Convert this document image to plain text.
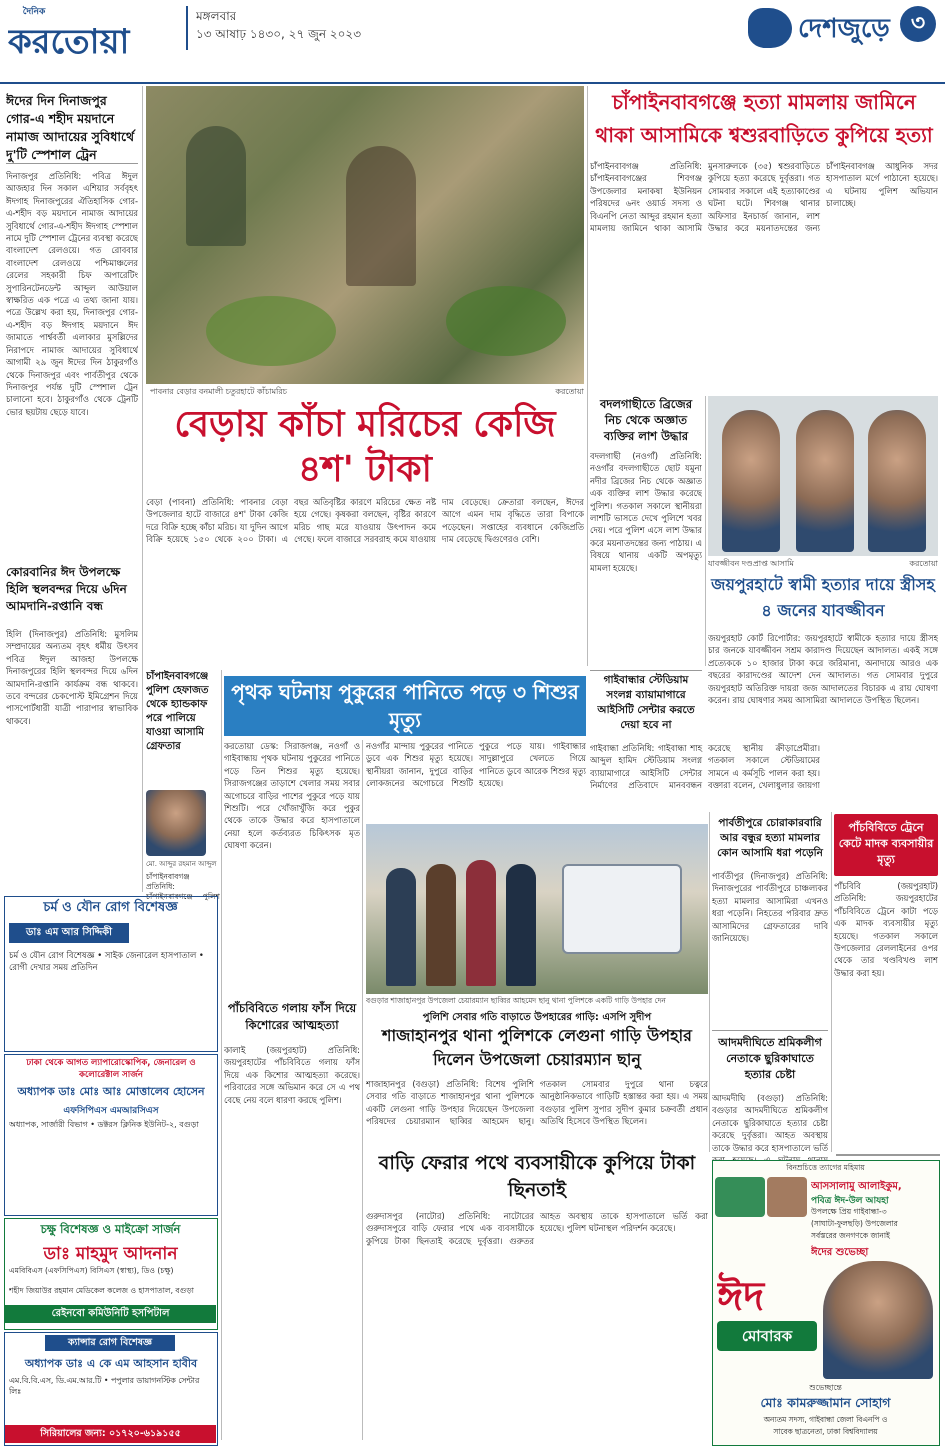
দৈনিক
করতোয়া
মঙ্গলবার
১৩ আষাঢ় ১৪৩০, ২৭ জুন ২০২৩	দেশজুড়ে ৩
ঈদের দিন দিনাজপুর গোর-এ শহীদ ময়দানে নামাজ আদায়ের সুবিধার্থে দু'টি স্পেশাল ট্রেন
দিনাজপুর প্রতিনিধি: পবিত্র ঈদুল আজহার দিন সকাল এশিয়ার সর্ববৃহৎ ঈদগাহ দিনাজপুরের ঐতিহাসিক গোর-এ-শহীদ বড় ময়দানে নামাজ আদায়ের সুবিধার্থে গোর-এ-শহীদ ঈদগাহ স্পেশাল নামে দুটি স্পেশাল ট্রেনের ব্যবস্থা করেছে বাংলাদেশ রেলওয়ে। গত রোববার বাংলাদেশ রেলওয়ে পশ্চিমাঞ্চলের রেলের সহকারী চিফ অপারেটিং সুপারিনটেনডেন্ট আব্দুল আউয়াল স্বাক্ষরিত এক পত্রে এ তথ্য জানা যায়। পত্রে উল্লেখ করা হয়, দিনাজপুর গোর-এ-শহীদ বড় ঈদগাহ ময়দানে ঈদ জামাতে পার্শ্ববর্তী এলাকার মুসল্লিদের নিরাপদে নামাজ আদায়ের সুবিধার্থে আগামী ২৯ জুন ঈদের দিন ঠাকুরগাঁও থেকে দিনাজপুর এবং পার্বতীপুর থেকে দিনাজপুর পর্যন্ত দুটি স্পেশাল ট্রেন চালানো হবে। ঠাকুরগাঁও থেকে ট্রেনটি ভোর ছয়টায় ছেড়ে যাবে।
কোরবানির ঈদ উপলক্ষে হিলি স্থলবন্দর দিয়ে ৬দিন আমদানি-রপ্তানি বন্ধ
হিলি (দিনাজপুর) প্রতিনিধি: মুসলিম সম্প্রদায়ের অন্যতম বৃহৎ ধর্মীয় উৎসব পবিত্র ঈদুল আজহা উপলক্ষে দিনাজপুরের হিলি স্থলবন্দর দিয়ে ৬দিন আমদানি-রপ্তানি কার্যক্রম বন্ধ থাকবে। তবে বন্দরের চেকপোস্ট ইমিগ্রেশন দিয়ে পাসপোর্টধারী যাত্রী পারাপার স্বাভাবিক থাকবে।
পাবনার বেড়ার বনমালী চতুরহাটে কাঁচামরিচ	করতোয়া
চাঁপাইনবাবগঞ্জে হত্যা মামলায় জামিনে থাকা আসামিকে শ্বশুরবাড়িতে কুপিয়ে হত্যা
চাঁপাইনবাবগঞ্জ প্রতিনিধি: চাঁপাইনবাবগঞ্জের শিবগঞ্জ উপজেলার মনাকষা ইউনিয়ন পরিষদের ৬নং ওয়ার্ড সদস্য ও বিএনপি নেতা আব্দুর রহমান হত্যা মামলায় জামিনে থাকা আসামি মুনসারুলকে (৩৫) শ্বশুরবাড়িতে কুপিয়ে হত্যা করেছে দুর্বৃত্তরা। গত সোমবার সকালে এই হত্যাকাণ্ডের ঘটনা ঘটে। শিবগঞ্জ থানার অফিসার ইনচার্জ জানান, লাশ উদ্ধার করে ময়নাতদন্তের জন্য চাঁপাইনবাবগঞ্জ আধুনিক সদর হাসপাতাল মর্গে পাঠানো হয়েছে। এ ঘটনায় পুলিশ অভিযান চালাচ্ছে।
বেড়ায় কাঁচা মরিচের কেজি ৪শ' টাকা
বেড়া (পাবনা) প্রতিনিধি: পাবনার বেড়া উপজেলার হাটে বাজারে ৪শ' টাকা কেজি দরে বিক্রি হচ্ছে কাঁচা মরিচ। যা দুদিন আগে বিক্রি হয়েছে ১৫০ থেকে ২০০ টাকা। এ বছর অতিবৃষ্টির কারণে মরিচের ক্ষেত নষ্ট হয়ে গেছে। কৃষকরা বলছেন, বৃষ্টির কারণে মরিচ গাছ মরে যাওয়ায় উৎপাদন কমে গেছে। ফলে বাজারে সরবরাহ কমে যাওয়ায় দাম বেড়েছে। ক্রেতারা বলছেন, ঈদের আগে এমন দাম বৃদ্ধিতে তারা বিপাকে পড়েছেন। সপ্তাহের ব্যবধানে কেজিপ্রতি দাম বেড়েছে দ্বিগুণেরও বেশি।
বদলগাছীতে ব্রিজের নিচ থেকে অজ্ঞাত ব্যক্তির লাশ উদ্ধার
বদলগাছী (নওগাঁ) প্রতিনিধি: নওগাঁর বদলগাছীতে ছোট যমুনা নদীর ব্রিজের নিচ থেকে অজ্ঞাত এক ব্যক্তির লাশ উদ্ধার করেছে পুলিশ। গতকাল সকালে স্থানীয়রা লাশটি ভাসতে দেখে পুলিশে খবর দেয়। পরে পুলিশ এসে লাশ উদ্ধার করে ময়নাতদন্তের জন্য পাঠায়। এ বিষয়ে থানায় একটি অপমৃত্যু মামলা হয়েছে।	যাবজ্জীবন দণ্ডপ্রাপ্ত আসামি	করতোয়া
জয়পুরহাটে স্বামী হত্যার দায়ে স্ত্রীসহ ৪ জনের যাবজ্জীবন
জয়পুরহাট কোর্ট রিপোর্টার: জয়পুরহাটে স্বামীকে হত্যার দায়ে স্ত্রীসহ চার জনকে যাবজ্জীবন সশ্রম কারাদণ্ড দিয়েছেন আদালত। একই সঙ্গে প্রত্যেককে ১০ হাজার টাকা করে জরিমানা, অনাদায়ে আরও এক বছরের কারাদণ্ডের আদেশ দেন আদালত। গত সোমবার দুপুরে জয়পুরহাট অতিরিক্ত দায়রা জজ আদালতের বিচারক এ রায় ঘোষণা করেন। রায় ঘোষণার সময় আসামিরা আদালতে উপস্থিত ছিলেন।
গাইবান্ধার স্টেডিয়াম সংলগ্ন ব্যায়ামাগারে আইসিটি সেন্টার করতে দেয়া হবে না
গাইবান্ধা প্রতিনিধি: গাইবান্ধা শাহ আব্দুল হামিদ স্টেডিয়াম সংলগ্ন ব্যায়ামাগারে আইসিটি সেন্টার নির্মাণের প্রতিবাদে মানববন্ধন করেছে স্থানীয় ক্রীড়াপ্রেমীরা। গতকাল সকালে স্টেডিয়ামের সামনে এ কর্মসূচি পালন করা হয়। বক্তারা বলেন, খেলাধুলার জায়গা
চাঁপাইনবাবগঞ্জে পুলিশ হেফাজত থেকে হ্যান্ডকাফ পরে পালিয়ে যাওয়া আসামি গ্রেফতার
মো. আব্দুর রহমান আব্দুল
চাঁপাইনবাবগঞ্জ প্রতিনিধি: চাঁপাইনবাবগঞ্জে পুলিশ
পৃথক ঘটনায় পুকুরের পানিতে পড়ে ৩ শিশুর মৃত্যু
করতোয়া ডেস্ক: সিরাজগঞ্জ, নওগাঁ ও গাইবান্ধায় পৃথক ঘটনায় পুকুরের পানিতে পড়ে তিন শিশুর মৃত্যু হয়েছে। সিরাজগঞ্জের তাড়াশে খেলার সময় সবার অগোচরে বাড়ির পাশের পুকুরে পড়ে যায় শিশুটি। পরে খোঁজাখুঁজি করে পুকুর থেকে তাকে উদ্ধার করে হাসপাতালে নেয়া হলে কর্তব্যরত চিকিৎসক মৃত ঘোষণা করেন।
নওগাঁর মান্দায় পুকুরের পানিতে ডুবে এক শিশুর মৃত্যু হয়েছে। স্থানীয়রা জানান, দুপুরে বাড়ির লোকজনের অগোচরে শিশুটি পুকুরে পড়ে যায়। গাইবান্ধার সাদুল্লাপুরে খেলতে গিয়ে পানিতে ডুবে আরেক শিশুর মৃত্যু হয়েছে।
বগুড়ার শাজাহানপুর উপজেলা চেয়ারম্যান ছাব্বির আহমেদ ছানু থানা পুলিশকে একটি গাড়ি উপহার দেন
পুলিশি সেবার গতি বাড়াতে উপহারের গাড়ি: এসপি সুদীপ
শাজাহানপুর থানা পুলিশকে লেগুনা গাড়ি উপহার দিলেন উপজেলা চেয়ারম্যান ছানু
শাজাহানপুর (বগুড়া) প্রতিনিধি: বিশেষ পুলিশি সেবার গতি বাড়াতে শাজাহানপুর থানা পুলিশকে একটি লেগুনা গাড়ি উপহার দিয়েছেন উপজেলা পরিষদের চেয়ারম্যান ছাব্বির আহমেদ ছানু। গতকাল সোমবার দুপুরে থানা চত্বরে আনুষ্ঠানিকভাবে গাড়িটি হস্তান্তর করা হয়। এ সময় বগুড়ার পুলিশ সুপার সুদীপ কুমার চক্রবর্তী প্রধান অতিথি হিসেবে উপস্থিত ছিলেন।
পার্বতীপুরে চোরাকারবারি আর বন্ধুর হত্যা মামলার কোন আসামি ধরা পড়েনি
পার্বতীপুর (দিনাজপুর) প্রতিনিধি: দিনাজপুরের পার্বতীপুরে চাঞ্চল্যকর হত্যা মামলার আসামিরা এখনও ধরা পড়েনি। নিহতের পরিবার দ্রুত আসামিদের গ্রেফতারের দাবি জানিয়েছে।
পাঁচবিবিতে ট্রেনে কেটে মাদক ব্যবসায়ীর মৃত্যু
পাঁচবিবি (জয়পুরহাট) প্রতিনিধি: জয়পুরহাটের পাঁচবিবিতে ট্রেনে কাটা পড়ে এক মাদক ব্যবসায়ীর মৃত্যু হয়েছে। গতকাল সকালে উপজেলার রেললাইনের ওপর থেকে তার খণ্ডবিখণ্ড লাশ উদ্ধার করা হয়।
আদমদীঘিতে শ্রমিকলীগ নেতাকে ছুরিকাঘাতে হত্যার চেষ্টা
আদমদীঘি (বগুড়া) প্রতিনিধি: বগুড়ার আদমদীঘিতে শ্রমিকলীগ নেতাকে ছুরিকাঘাতে হত্যার চেষ্টা করেছে দুর্বৃত্তরা। আহত অবস্থায় তাকে উদ্ধার করে হাসপাতালে ভর্তি
পাঁচবিবিতে গলায় ফাঁস দিয়ে কিশোরের আত্মহত্যা
কালাই (জয়পুরহাট) প্রতিনিধি: জয়পুরহাটের পাঁচবিবিতে গলায় ফাঁস দিয়ে এক কিশোর আত্মহত্যা করেছে। পরিবারের সঙ্গে অভিমান করে সে এ পথ বেছে নেয় বলে ধারণা করছে পুলিশ।
বাড়ি ফেরার পথে ব্যবসায়ীকে কুপিয়ে টাকা ছিনতাই
গুরুদাসপুর (নাটোর) প্রতিনিধি: নাটোরের গুরুদাসপুরে বাড়ি ফেরার পথে এক ব্যবসায়ীকে কুপিয়ে টাকা ছিনতাই করেছে দুর্বৃত্তরা। গুরুতর আহত অবস্থায় তাকে হাসপাতালে ভর্তি করা হয়েছে। পুলিশ ঘটনাস্থল পরিদর্শন করেছে।
চর্ম ও যৌন রোগ বিশেষজ্ঞ
ডাঃ এম আর সিদ্দিকী
চর্ম ও যৌন রোগ বিশেষজ্ঞ • সাইক জেনারেল হাসপাতাল • রোগী দেখার সময় প্রতিদিন
ঢাকা থেকে আগত ল্যাপারোস্কোপিক, জেনারেল ও কলোরেক্টাল সার্জন
অধ্যাপক ডাঃ মোঃ আঃ মোত্তালেব হোসেন
এফসিপিএস এমআরসিএস
অধ্যাপক, সার্জারী বিভাগ • ডক্টরস ক্লিনিক ইউনিট-২, বগুড়া
চক্ষু বিশেষজ্ঞ ও মাইক্রো সার্জন
ডাঃ মাহমুদ আদনান
এমবিবিএস (এফসিপিএস) বিসিএস (স্বাস্থ্য), ডিও (চক্ষু)
শহীদ জিয়াউর রহমান মেডিকেল কলেজ ও হাসপাতাল, বগুড়া
রেইনবো কমিউনিটি হসপিটাল
ক্যান্সার রোগ বিশেষজ্ঞ
অধ্যাপক ডাঃ এ কে এম আহসান হাবীব
এম.বি.বি.এস, ডি.এম.আর.টি • পপুলার ডায়াগনস্টিক সেন্টার লিঃ
সিরিয়ালের জন্য: ০১৭২০-৬১৯১৫৫
বিনম্রচিত্তে ত্যাগের মহিমায়
আসসালামু আলাইকুম,
পবিত্র ঈদ-উল আযহা
উপলক্ষে প্রিয় গাইবান্ধা-৩
(সাঘাটা-ফুলছড়ি) উপজেলার
সর্বস্তরের জনগণকে জানাই
ঈদের শুভেচ্ছা
ঈদ
মোবারক
শুভেচ্ছান্তে
মোঃ কামরুজ্জামান সোহাগ
অন্যতম সদস্য, গাইবান্ধা জেলা বিএনপি ও
সাবেক ছাত্রনেতা, ঢাকা বিশ্ববিদ্যালয়
